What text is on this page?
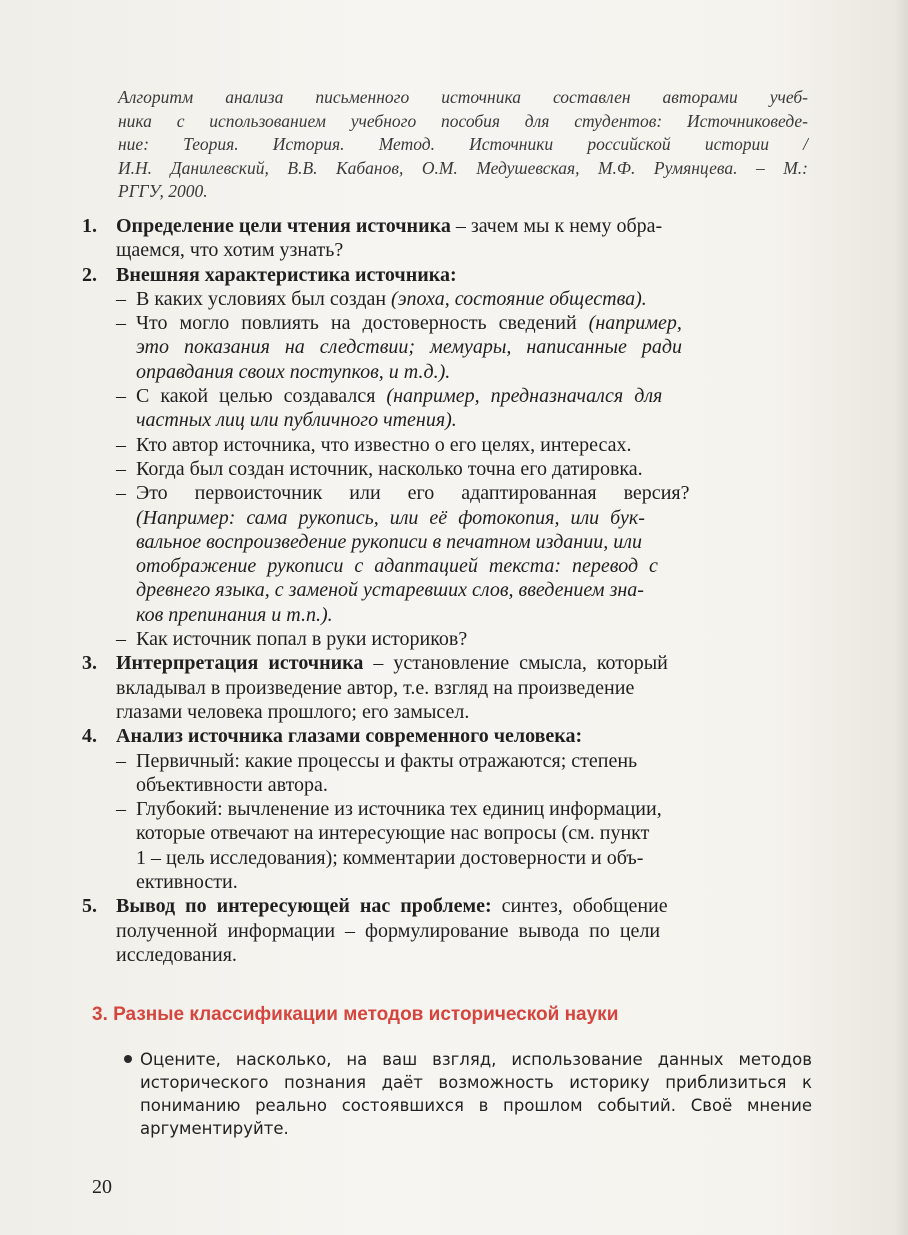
Алгоритм анализа письменного источника составлен авторами учеб-
ника с использованием учебного пособия для студентов: Источниковеде-
ние: Теория. История. Метод. Источники российской истории /
И.Н. Данилевский, В.В. Кабанов, О.М. Медушевская, М.Ф. Румянцева. – М.:
РГГУ, 2000.
1. Определение цели чтения источника – зачем мы к нему обра-
щаемся, что хотим узнать?
2. Внешняя характеристика источника:
– В каких условиях был создан (эпоха, состояние общества).
– Что могло повлиять на достоверность сведений (например,
это показания на следствии; мемуары, написанные ради
оправдания своих поступков, и т.д.).
– С какой целью создавался (например, предназначался для
частных лиц или публичного чтения).
– Кто автор источника, что известно о его целях, интересах.
– Когда был создан источник, насколько точна его датировка.
– Это первоисточник или его адаптированная версия?
(Например: сама рукопись, или её фотокопия, или бук-
вальное воспроизведение рукописи в печатном издании, или
отображение рукописи с адаптацией текста: перевод с
древнего языка, с заменой устаревших слов, введением зна-
ков препинания и т.п.).
– Как источник попал в руки историков?
3. Интерпретация источника – установление смысла, который
вкладывал в произведение автор, т.е. взгляд на произведение
глазами человека прошлого; его замысел.
4. Анализ источника глазами современного человека:
– Первичный: какие процессы и факты отражаются; степень
объективности автора.
– Глубокий: вычленение из источника тех единиц информации,
которые отвечают на интересующие нас вопросы (см. пункт
1 – цель исследования); комментарии достоверности и объ-
ективности.
5. Вывод по интересующей нас проблеме: синтез, обобщение
полученной информации – формулирование вывода по цели
исследования.
3. Разные классификации методов исторической науки
Оцените, насколько, на ваш взгляд, использование данных методов
исторического познания даёт возможность историку приблизиться к
пониманию реально состоявшихся в прошлом событий. Своё мнение
аргументируйте.
20
